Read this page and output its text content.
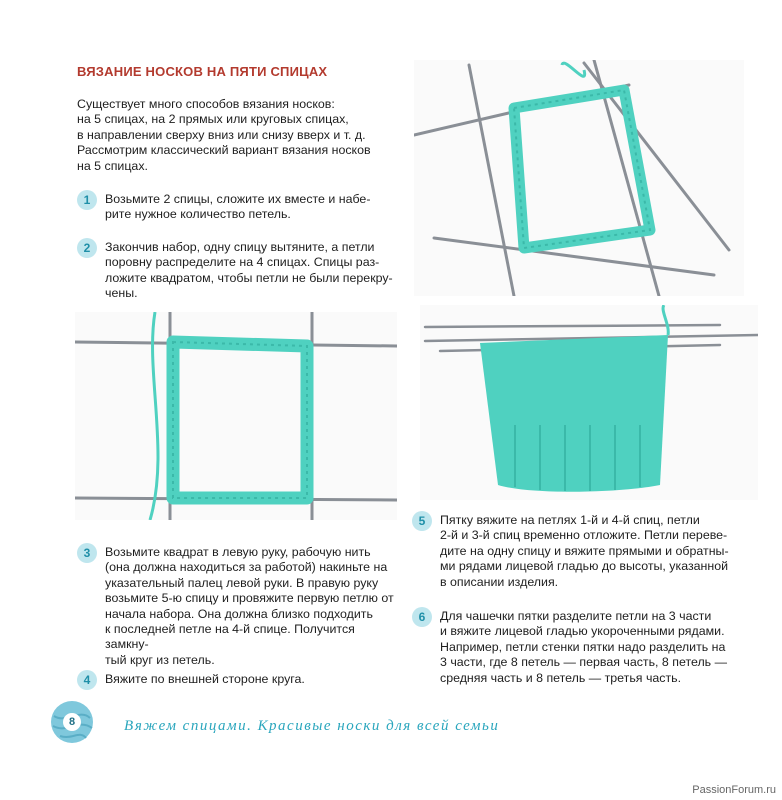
ВЯЗАНИЕ НОСКОВ НА ПЯТИ СПИЦАХ
Существует много способов вязания носков:
на 5 спицах, на 2 прямых или круговых спицах,
в направлении сверху вниз или снизу вверх и т. д.
Рассмотрим классический вариант вязания носков
на 5 спицах.

1	Возьмите 2 спицы, сложите их вместе и набе-
рите нужное количество петель.

2	Закончив набор, одну спицу вытяните, а петли
поровну распределите на 4 спицах. Спицы раз-
ложите квадратом, чтобы петли не были перекру-
чены.

3	Возьмите квадрат в левую руку, рабочую нить
(она должна находиться за работой) накиньте на
указательный палец левой руки. В правую руку
возьмите 5-ю спицу и провяжите первую петлю от
начала набора. Она должна близко подходить
к последней петле на 4-й спице. Получится замкну-
тый круг из петель.

4	Вяжите по внешней стороне круга.

5	Пятку вяжите на петлях 1-й и 4-й спиц, петли
2-й и 3-й спиц временно отложите. Петли переве-
дите на одну спицу и вяжите прямыми и обратны-
ми рядами лицевой гладью до высоты, указанной
в описании изделия.

6	Для чашечки пятки разделите петли на 3 части
и вяжите лицевой гладью укороченными рядами.
Например, петли стенки пятки надо разделить на
3 части, где 8 петель — первая часть, 8 петель —
средняя часть и 8 петель — третья часть.

8	Вяжем спицами. Красивые носки для всей семьи
PassionForum.ru
